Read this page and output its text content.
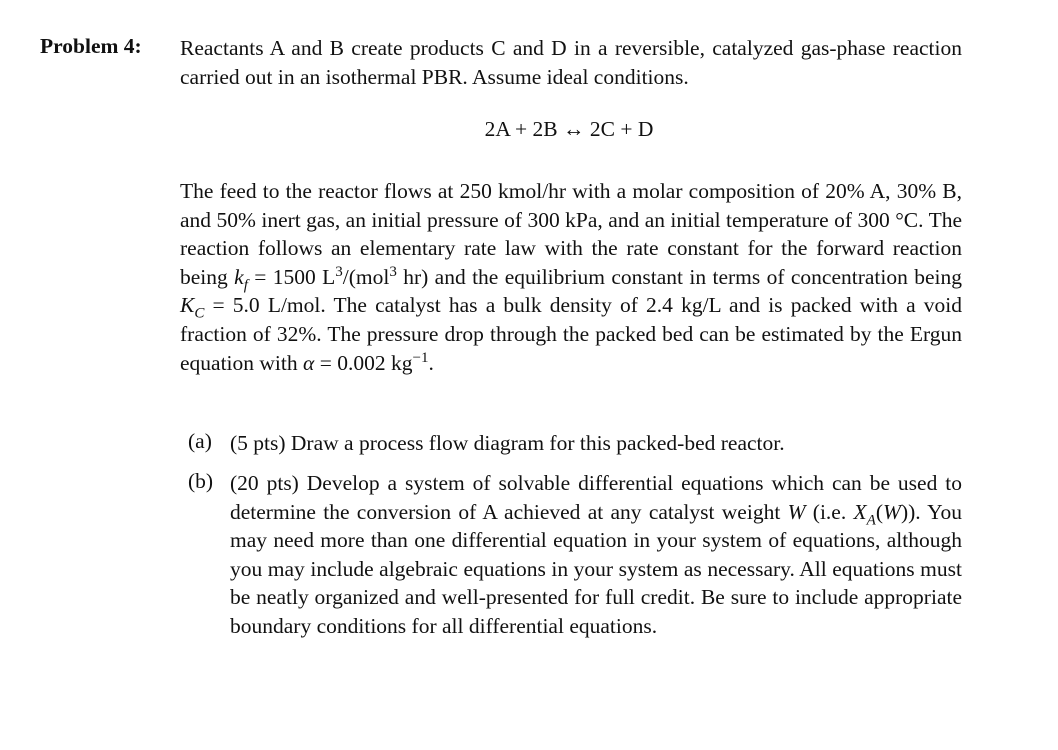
Problem 4: Reactants A and B create products C and D in a reversible, catalyzed gas-phase reaction carried out in an isothermal PBR. Assume ideal conditions.
2A + 2B ↔ 2C + D
The feed to the reactor flows at 250 kmol/hr with a molar composition of 20% A, 30% B, and 50% inert gas, an initial pressure of 300 kPa, and an initial temperature of 300 °C. The reaction follows an elementary rate law with the rate constant for the forward reaction being $k_f = 1500$ $L^3/(mol^3$ hr) and the equilibrium constant in terms of concentration being $K_C = 5.0$ L/mol. The catalyst has a bulk density of 2.4 kg/L and is packed with a void fraction of 32%. The pressure drop through the packed bed can be estimated by the Ergun equation with α = 0.002 $kg^{-1}$.
(a) (5 pts) Draw a process flow diagram for this packed-bed reactor.
(b) (20 pts) Develop a system of solvable differential equations which can be used to determine the conversion of A achieved at any catalyst weight W (i.e. $X_A(W)$). You may need more than one differential equation in your system of equations, although you may include algebraic equations in your system as necessary. All equations must be neatly organized and well-presented for full credit. Be sure to include appropriate boundary conditions for all differential equations.
